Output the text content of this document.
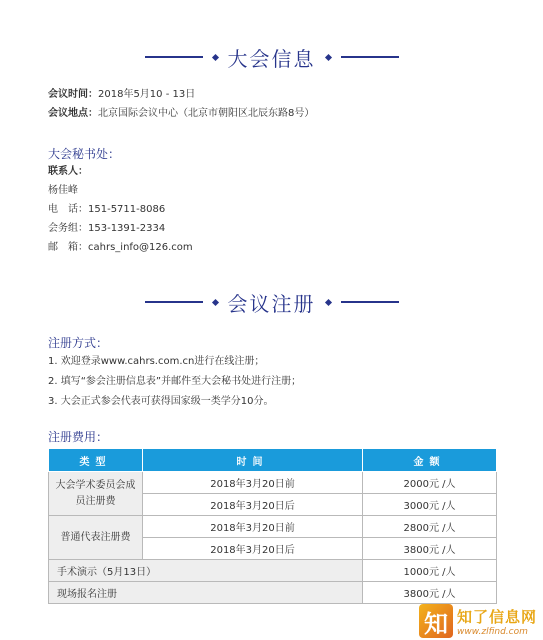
大会信息
会议时间：2018年5月10 - 13日
会议地点：北京国际会议中心（北京市朝阳区北辰东路8号）
大会秘书处：
联系人：
杨佳峰
电　话：151-5711-8086
会务组：153-1391-2334
邮　箱：cahrs_info@126.com
会议注册
注册方式：
1. 欢迎登录www.cahrs.com.cn进行在线注册；
2. 填写“参会注册信息表”并邮件至大会秘书处进行注册；
3. 大会正式参会代表可获得国家级一类学分10分。
注册费用：
类型	时间	金额
大会学术委员会成员注册费	2018年3月20日前	2000元 /人
	2018年3月20日后	3000元 /人
普通代表注册费	2018年3月20日前	2800元 /人
	2018年3月20日后	3800元 /人
手术演示（5月13日）		1000元 /人
现场报名注册		3800元 /人
知 知了信息网
www.zlfind.com
